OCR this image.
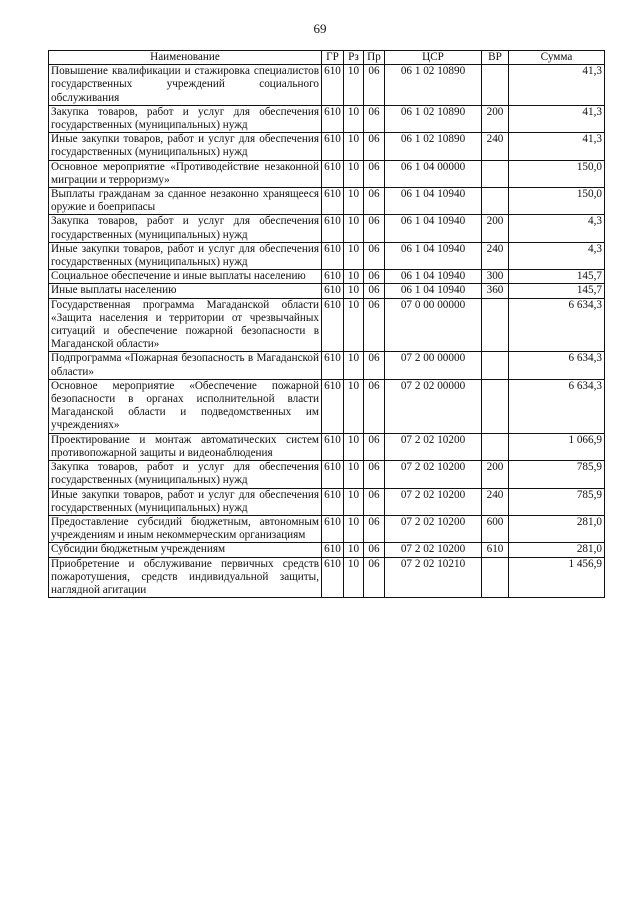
69
Наименование	ГР	Рз	Пр	ЦСР	ВР	Сумма
Повышение квалификации и стажировка специалистов государственных учреждений социального обслуживания	610	10	06	06 1 02 10890		41,3
Закупка товаров, работ и услуг для обеспечения государственных (муниципальных) нужд	610	10	06	06 1 02 10890	200	41,3
Иные закупки товаров, работ и услуг для обеспечения государственных (муниципальных) нужд	610	10	06	06 1 02 10890	240	41,3
Основное мероприятие «Противодействие незаконной миграции и терроризму»	610	10	06	06 1 04 00000		150,0
Выплаты гражданам за сданное незаконно хранящееся оружие и боеприпасы	610	10	06	06 1 04 10940		150,0
Закупка товаров, работ и услуг для обеспечения государственных (муниципальных) нужд	610	10	06	06 1 04 10940	200	4,3
Иные закупки товаров, работ и услуг для обеспечения государственных (муниципальных) нужд	610	10	06	06 1 04 10940	240	4,3
Социальное обеспечение и иные выплаты населению	610	10	06	06 1 04 10940	300	145,7
Иные выплаты населению	610	10	06	06 1 04 10940	360	145,7
Государственная программа Магаданской области «Защита населения и территории от чрезвычайных ситуаций и обеспечение пожарной безопасности в Магаданской области»	610	10	06	07 0 00 00000		6 634,3
Подпрограмма «Пожарная безопасность в Магаданской области»	610	10	06	07 2 00 00000		6 634,3
Основное мероприятие «Обеспечение пожарной безопасности в органах исполнительной власти Магаданской области и подведомственных им учреждениях»	610	10	06	07 2 02 00000		6 634,3
Проектирование и монтаж автоматических систем противопожарной защиты и видеонаблюдения	610	10	06	07 2 02 10200		1 066,9
Закупка товаров, работ и услуг для обеспечения государственных (муниципальных) нужд	610	10	06	07 2 02 10200	200	785,9
Иные закупки товаров, работ и услуг для обеспечения государственных (муниципальных) нужд	610	10	06	07 2 02 10200	240	785,9
Предоставление субсидий бюджетным, автономным учреждениям и иным некоммерческим организациям	610	10	06	07 2 02 10200	600	281,0
Субсидии бюджетным учреждениям	610	10	06	07 2 02 10200	610	281,0
Приобретение и обслуживание первичных средств пожаротушения, средств индивидуальной защиты, наглядной агитации	610	10	06	07 2 02 10210		1 456,9
